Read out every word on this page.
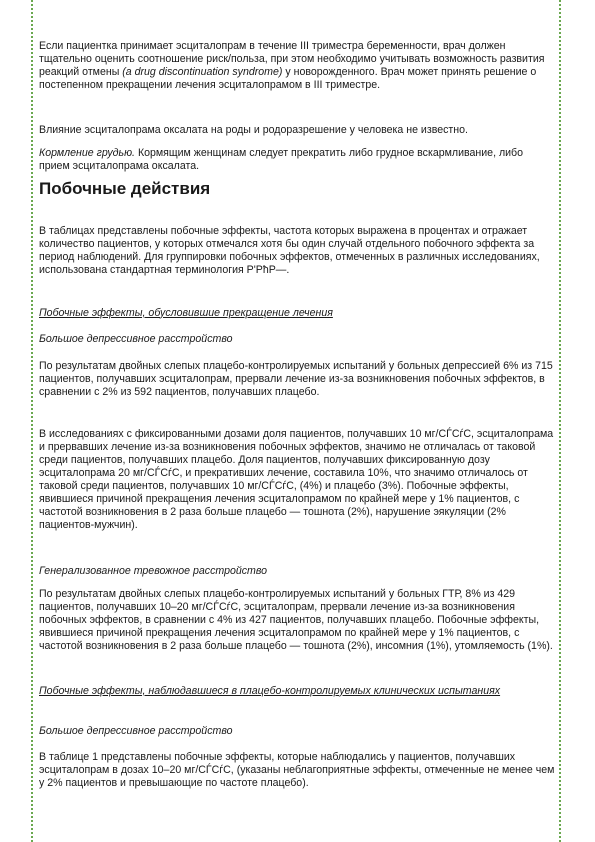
Если пациентка принимает эсциталопрам в течение III триместра беременности, врач должен тщательно оценить соотношение риск/польза, при этом необходимо учитывать возможность развития реакций отмены (a drug discontinuation syndrome) у новорожденного. Врач может принять решение о постепенном прекращении лечения эсциталопрамом в III триместре.

Влияние эсциталопрама оксалата на роды и родоразрешение у человека не известно.

Кормление грудью. Кормящим женщинам следует прекратить либо грудное вскармливание, либо прием эсциталопрама оксалата.

Побочные действия

В таблицах представлены побочные эффекты, частота которых выражена в процентах и отражает количество пациентов, у которых отмечался хотя бы один случай отдельного побочного эффекта за период наблюдений. Для группировки побочных эффектов, отмеченных в различных исследованиях, использована стандартная терминология Р'РћР—.

Побочные эффекты, обусловившие прекращение лечения

Большое депрессивное расстройство

По результатам двойных слепых плацебо-контролируемых испытаний у больных депрессией 6% из 715 пациентов, получавших эсциталопрам, прервали лечение из-за возникновения побочных эффектов, в сравнении с 2% из 592 пациентов, получавших плацебо.

В исследованиях с фиксированными дозами доля пациентов, получавших 10 мг/СЃСѓС, эсциталопрама и прервавших лечение из-за возникновения побочных эффектов, значимо не отличалась от таковой среди пациентов, получавших плацебо. Доля пациентов, получавших фиксированную дозу эсциталопрама 20 мг/СЃСѓС, и прекративших лечение, составила 10%, что значимо отличалось от таковой среди пациентов, получавших 10 мг/СЃСѓС, (4%) и плацебо (3%). Побочные эффекты, явившиеся причиной прекращения лечения эсциталопрамом по крайней мере у 1% пациентов, с частотой возникновения в 2 раза больше плацебо — тошнота (2%), нарушение эякуляции (2% пациентов-мужчин).

Генерализованное тревожное расстройство

По результатам двойных слепых плацебо-контролируемых испытаний у больных ГТР, 8% из 429 пациентов, получавших 10–20 мг/СЃСѓС, эсциталопрам, прервали лечение из-за возникновения побочных эффектов, в сравнении с 4% из 427 пациентов, получавших плацебо. Побочные эффекты, явившиеся причиной прекращения лечения эсциталопрамом по крайней мере у 1% пациентов, с частотой возникновения в 2 раза больше плацебо — тошнота (2%), инсомния (1%), утомляемость (1%).

Побочные эффекты, наблюдавшиеся в плацебо-контролируемых клинических испытаниях

Большое депрессивное расстройство

В таблице 1 представлены побочные эффекты, которые наблюдались у пациентов, получавших эсциталопрам в дозах 10–20 мг/СЃСѓС, (указаны неблагоприятные эффекты, отмеченные не менее чем у 2% пациентов и превышающие по частоте плацебо).
